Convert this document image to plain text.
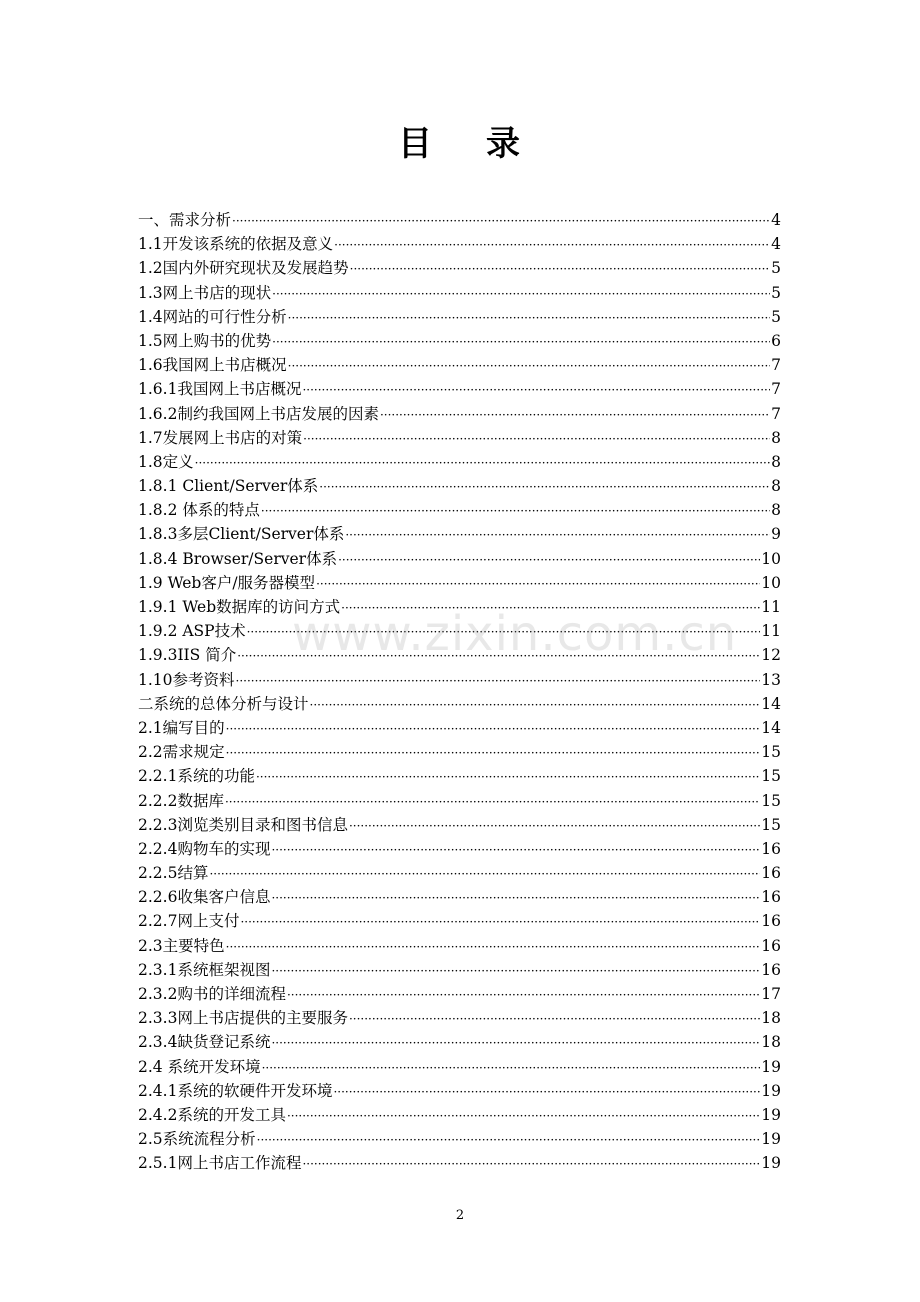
目 录
一、需求分析 ·····	4
1.1开发该系统的依据及意义 ·····	4
1.2国内外研究现状及发展趋势 ·····	5
1.3网上书店的现状 ·····	5
1.4网站的可行性分析 ·····	5
1.5网上购书的优势 ·····	6
1.6我国网上书店概况 ·····	7
1.6.1我国网上书店概况 ·····	7
1.6.2制约我国网上书店发展的因素 ·····	7
1.7发展网上书店的对策 ·····	8
1.8定义 ·····	8
1.8.1 Client/Server体系 ·····	8
1.8.2 体系的特点 ·····	8
1.8.3多层Client/Server体系 ·····	9
1.8.4 Browser/Server体系 ·····	10
1.9 Web客户/服务器模型 ·····	10
1.9.1 Web数据库的访问方式 ·····	11
1.9.2 ASP技术 ·····	11
1.9.3IIS 简介 ·····	12
1.10参考资料 ·····	13
二系统的总体分析与设计 ·····	14
2.1编写目的 ·····	14
2.2需求规定 ·····	15
2.2.1系统的功能 ·····	15
2.2.2数据库 ·····	15
2.2.3浏览类别目录和图书信息 ·····	15
2.2.4购物车的实现 ·····	16
2.2.5结算 ·····	16
2.2.6收集客户信息 ·····	16
2.2.7网上支付 ·····	16
2.3主要特色 ·····	16
2.3.1系统框架视图 ·····	16
2.3.2购书的详细流程 ·····	17
2.3.3网上书店提供的主要服务 ·····	18
2.3.4缺货登记系统 ·····	18
2.4 系统开发环境 ·····	19
2.4.1系统的软硬件开发环境 ·····	19
2.4.2系统的开发工具 ·····	19
2.5系统流程分析 ·····	19
2.5.1网上书店工作流程 ·····	19
www.zixin.com.cn
2
